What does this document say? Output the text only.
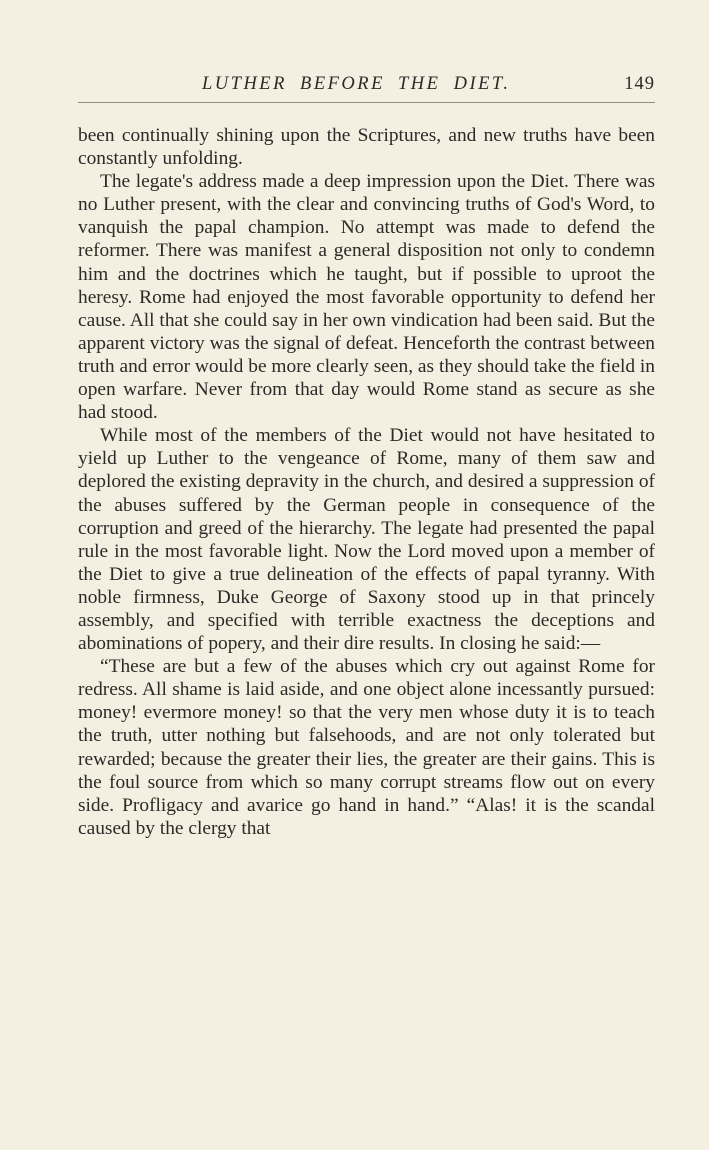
LUTHER BEFORE THE DIET.	149

been continually shining upon the Scriptures, and new truths have been constantly unfolding.

The legate's address made a deep impression upon the Diet. There was no Luther present, with the clear and convincing truths of God's Word, to vanquish the papal champion. No attempt was made to defend the reformer. There was manifest a general disposition not only to condemn him and the doctrines which he taught, but if possible to uproot the heresy. Rome had enjoyed the most favorable opportunity to defend her cause. All that she could say in her own vindication had been said. But the apparent victory was the signal of defeat. Henceforth the contrast between truth and error would be more clearly seen, as they should take the field in open warfare. Never from that day would Rome stand as secure as she had stood.

While most of the members of the Diet would not have hesitated to yield up Luther to the vengeance of Rome, many of them saw and deplored the existing depravity in the church, and desired a suppression of the abuses suffered by the German people in consequence of the corruption and greed of the hierarchy. The legate had presented the papal rule in the most favorable light. Now the Lord moved upon a member of the Diet to give a true delineation of the effects of papal tyranny. With noble firmness, Duke George of Saxony stood up in that princely assembly, and specified with terrible exactness the deceptions and abominations of popery, and their dire results. In closing he said:—

“These are but a few of the abuses which cry out against Rome for redress. All shame is laid aside, and one object alone incessantly pursued: money! evermore money! so that the very men whose duty it is to teach the truth, utter nothing but falsehoods, and are not only tolerated but rewarded; because the greater their lies, the greater are their gains. This is the foul source from which so many corrupt streams flow out on every side. Profligacy and avarice go hand in hand.” “Alas! it is the scandal caused by the clergy that
